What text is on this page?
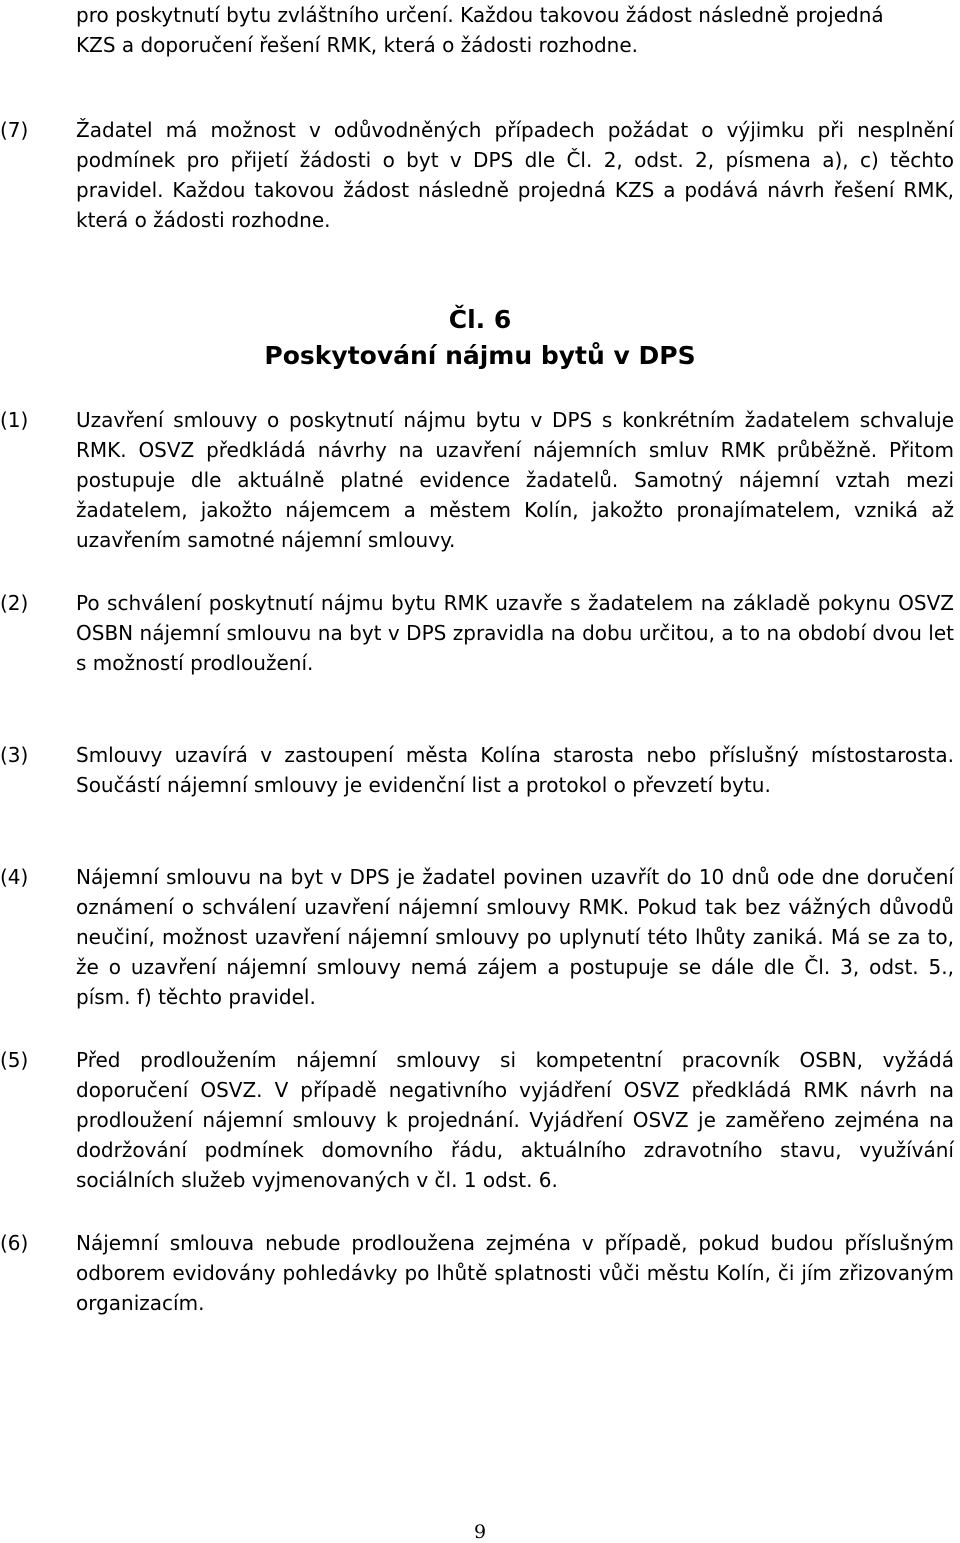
pro poskytnutí bytu zvláštního určení. Každou takovou žádost následně projedná
KZS a doporučení řešení RMK, která o žádosti rozhodne.
(7)	Žadatel má možnost v odůvodněných případech požádat o výjimku při nesplnění podmínek pro přijetí žádosti o byt v DPS dle Čl. 2, odst. 2, písmena a), c) těchto pravidel. Každou takovou žádost následně projedná KZS a podává návrh řešení RMK, která o žádosti rozhodne.
Čl. 6
Poskytování nájmu bytů v DPS
(1)	Uzavření smlouvy o poskytnutí nájmu bytu v DPS s konkrétním žadatelem schvaluje RMK. OSVZ předkládá návrhy na uzavření nájemních smluv RMK průběžně. Přitom postupuje dle aktuálně platné evidence žadatelů. Samotný nájemní vztah mezi žadatelem, jakožto nájemcem a městem Kolín, jakožto pronajímatelem, vzniká až uzavřením samotné nájemní smlouvy.
(2)	Po schválení poskytnutí nájmu bytu RMK uzavře s žadatelem na základě pokynu OSVZ OSBN nájemní smlouvu na byt v DPS zpravidla na dobu určitou, a to na období dvou let s možností prodloužení.
(3)	Smlouvy uzavírá v zastoupení města Kolína starosta nebo příslušný místostarosta. Součástí nájemní smlouvy je evidenční list a protokol o převzetí bytu.
(4)	Nájemní smlouvu na byt v DPS je žadatel povinen uzavřít do 10 dnů ode dne doručení oznámení o schválení uzavření nájemní smlouvy RMK. Pokud tak bez vážných důvodů neučiní, možnost uzavření nájemní smlouvy po uplynutí této lhůty zaniká. Má se za to, že o uzavření nájemní smlouvy nemá zájem a postupuje se dále dle Čl. 3, odst. 5., písm. f) těchto pravidel.
(5)	Před prodloužením nájemní smlouvy si kompetentní pracovník OSBN, vyžádá doporučení OSVZ. V případě negativního vyjádření OSVZ předkládá RMK návrh na prodloužení nájemní smlouvy k projednání. Vyjádření OSVZ je zaměřeno zejména na dodržování podmínek domovního řádu, aktuálního zdravotního stavu, využívání sociálních služeb vyjmenovaných v čl. 1 odst. 6.
(6)	Nájemní smlouva nebude prodloužena zejména v případě, pokud budou příslušným odborem evidovány pohledávky po lhůtě splatnosti vůči městu Kolín, či jím zřizovaným organizacím.
9
